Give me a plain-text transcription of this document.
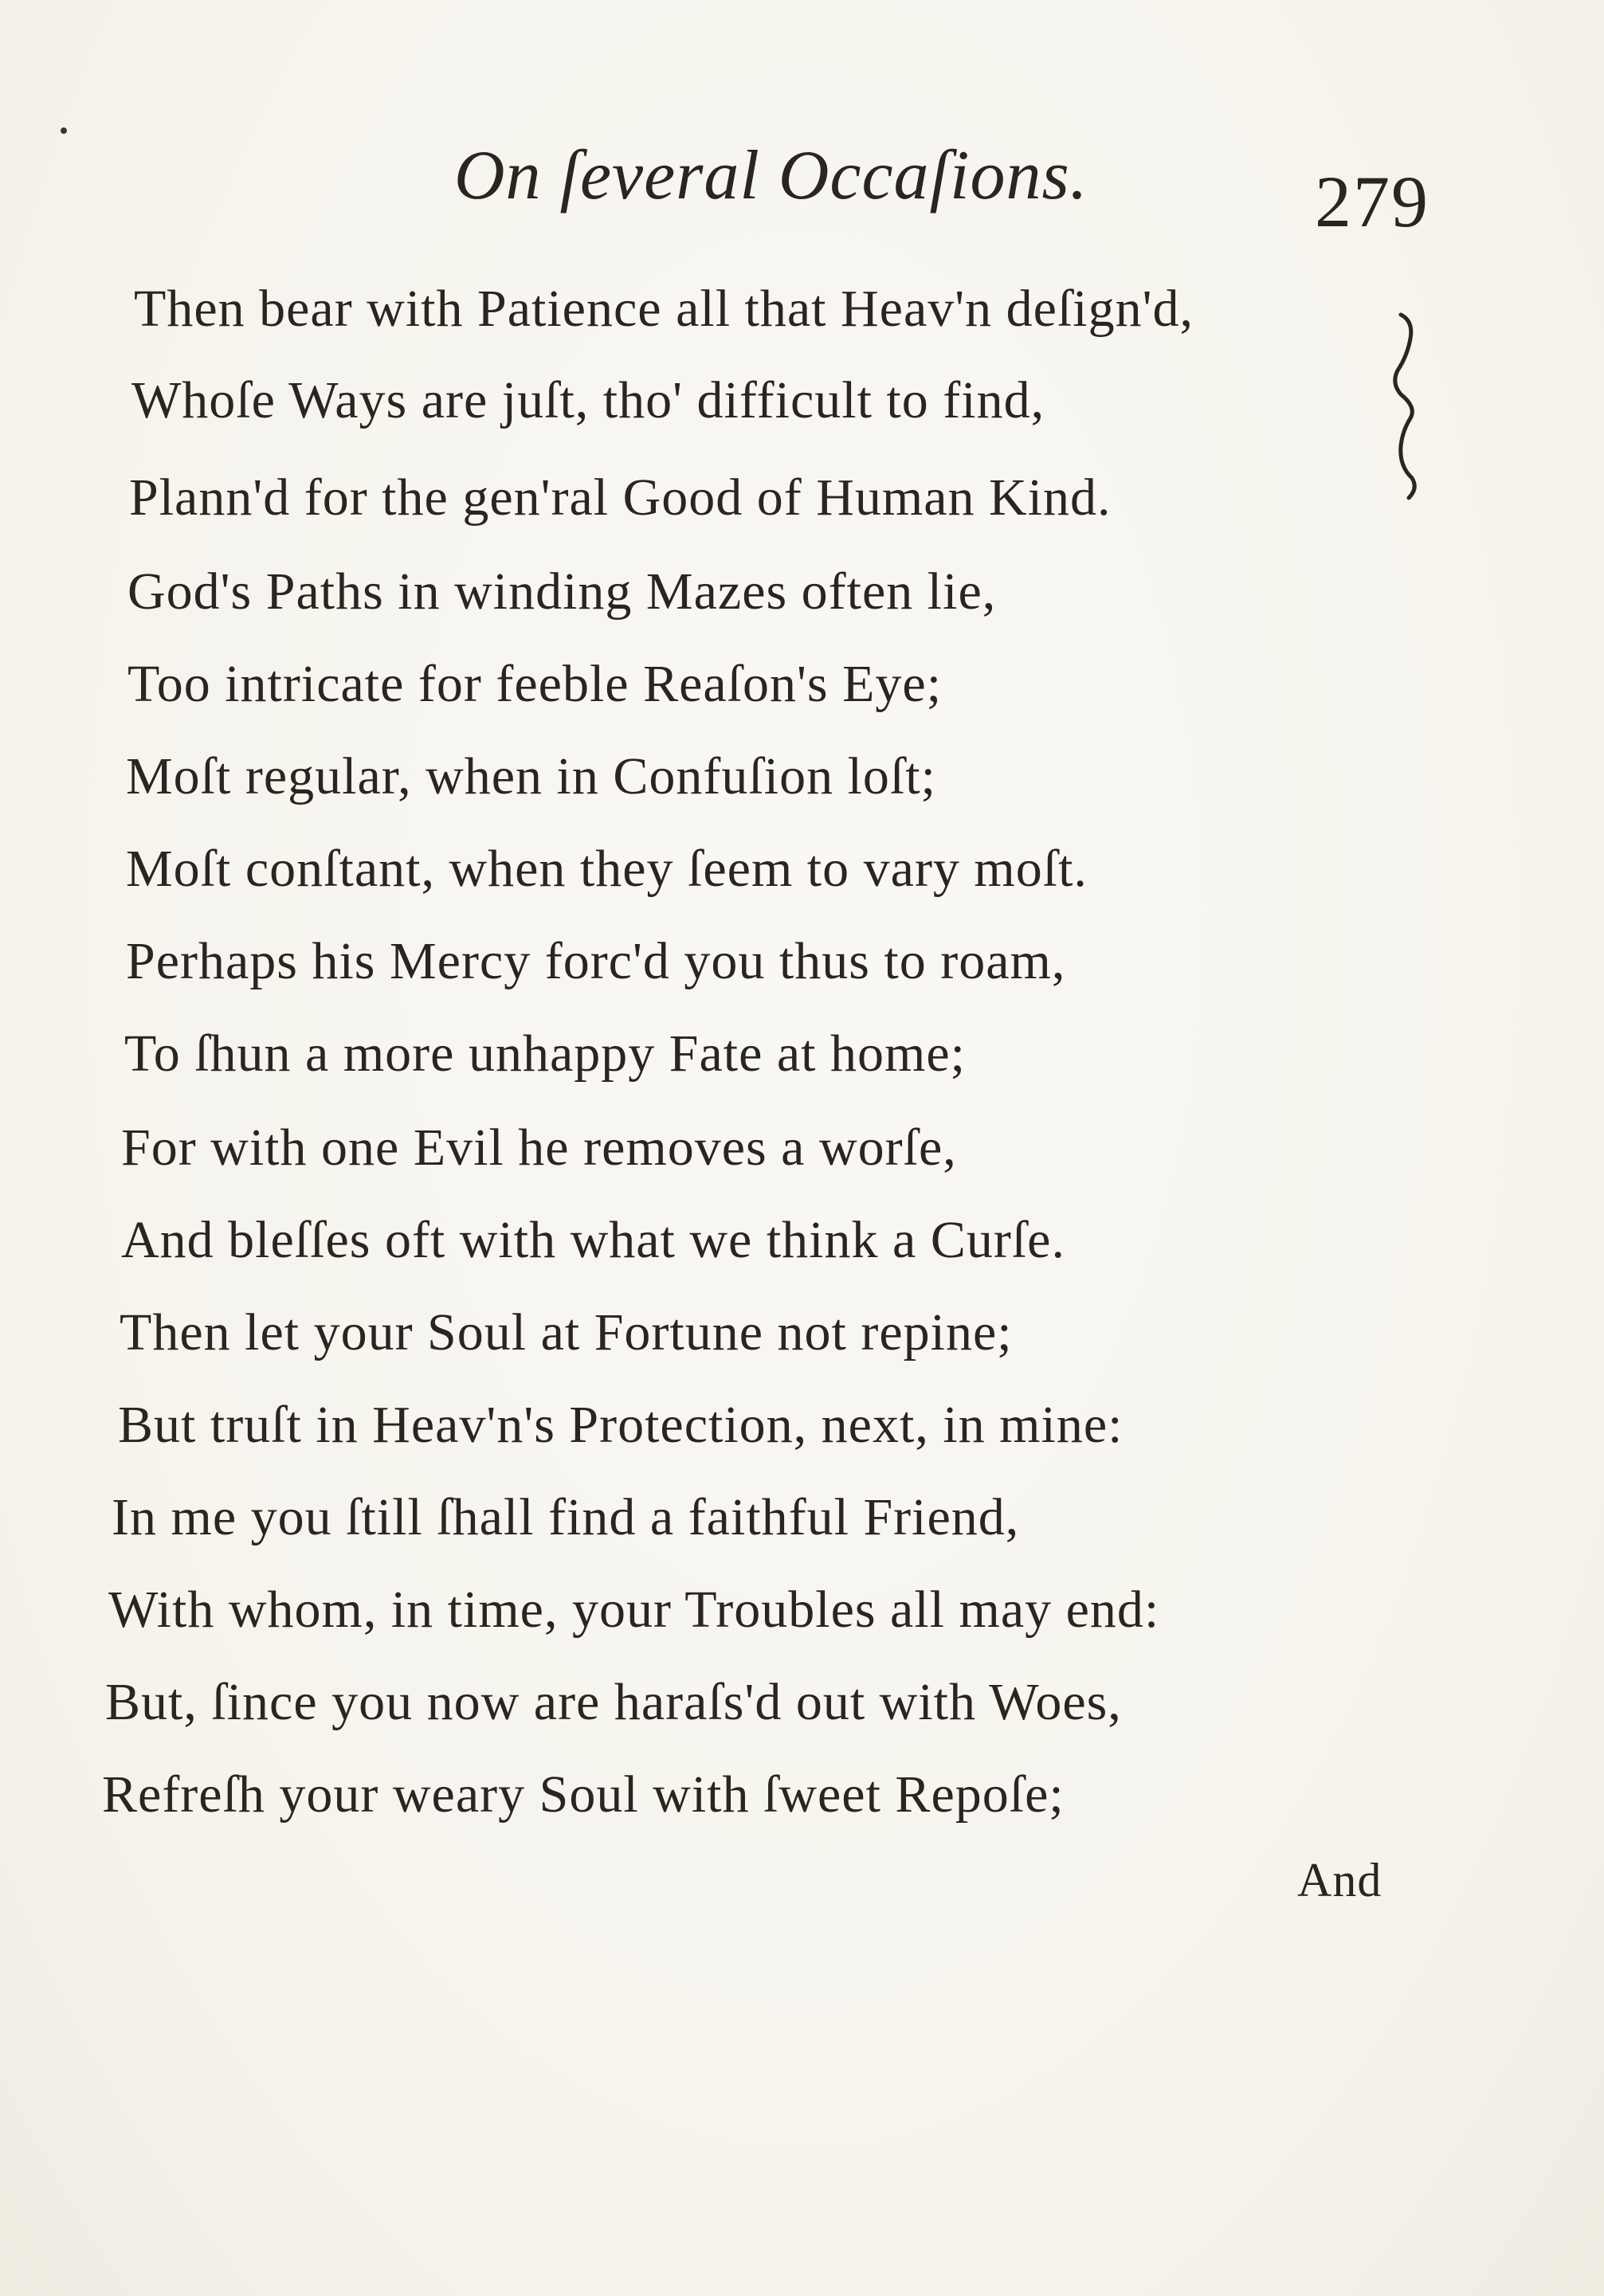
On ſeveral Occaſions.	279
Then bear with Patience all that Heav'n deſign'd,
Whoſe Ways are juſt, tho' difficult to find,
Plann'd for the gen'ral Good of Human Kind.
God's Paths in winding Mazes often lie,
Too intricate for feeble Reaſon's Eye;
Moſt regular, when in Confuſion loſt;
Moſt conſtant, when they ſeem to vary moſt.
Perhaps his Mercy forc'd you thus to roam,
To ſhun a more unhappy Fate at home;
For with one Evil he removes a worſe,
And bleſſes oft with what we think a Curſe.
Then let your Soul at Fortune not repine;
But truſt in Heav'n's Protection, next, in mine:
In me you ſtill ſhall find a faithful Friend,
With whom, in time, your Troubles all may end:
But, ſince you now are haraſs'd out with Woes,
Refreſh your weary Soul with ſweet Repoſe;
And
